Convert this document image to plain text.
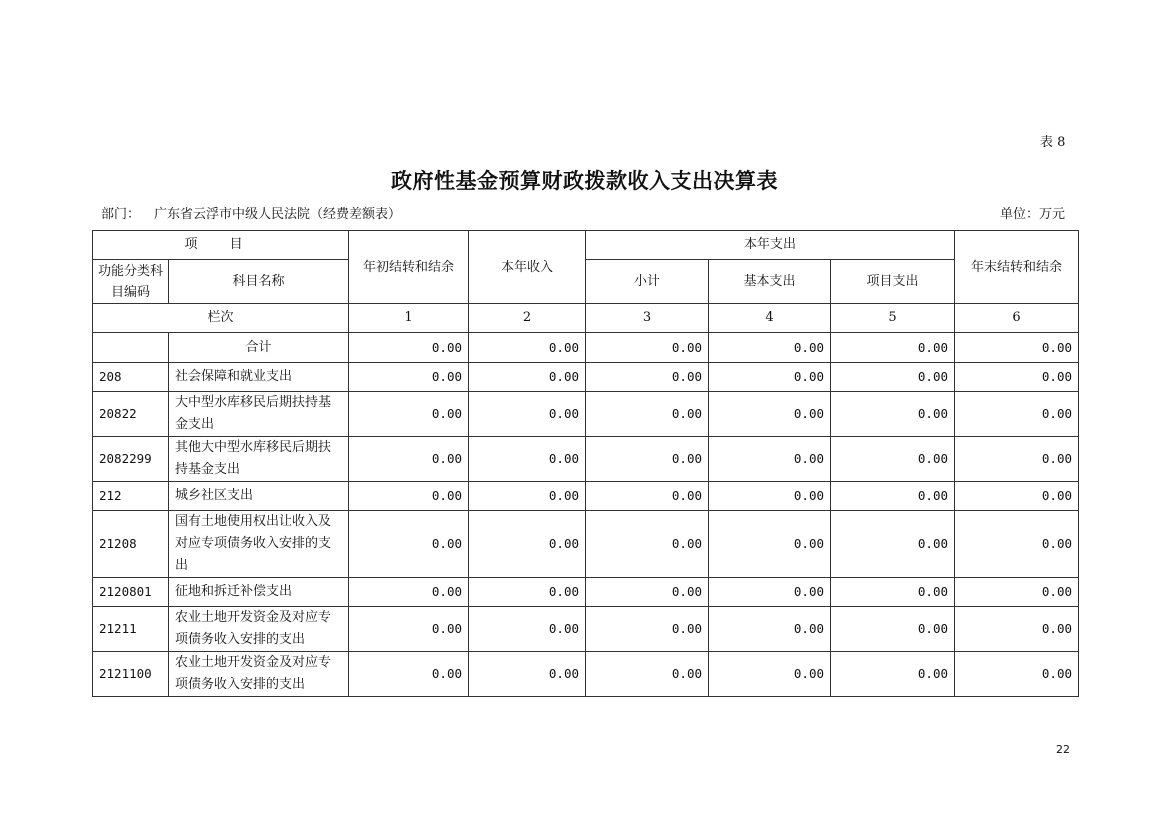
表 8
政府性基金预算财政拨款收入支出决算表
部门： 广东省云浮市中级人民法院（经费差额表）	单位：万元
项 目		年初结转和结余	本年收入	本年支出			年末结转和结余
功能分类科目编码	科目名称			小计	基本支出	项目支出	
栏次		1	2	3	4	5	6
	合计	0.00	0.00	0.00	0.00	0.00	0.00
208	社会保障和就业支出	0.00	0.00	0.00	0.00	0.00	0.00
20822	大中型水库移民后期扶持基金支出	0.00	0.00	0.00	0.00	0.00	0.00
2082299	其他大中型水库移民后期扶持基金支出	0.00	0.00	0.00	0.00	0.00	0.00
212	城乡社区支出	0.00	0.00	0.00	0.00	0.00	0.00
21208	国有土地使用权出让收入及对应专项债务收入安排的支出	0.00	0.00	0.00	0.00	0.00	0.00
2120801	征地和拆迁补偿支出	0.00	0.00	0.00	0.00	0.00	0.00
21211	农业土地开发资金及对应专项债务收入安排的支出	0.00	0.00	0.00	0.00	0.00	0.00
2121100	农业土地开发资金及对应专项债务收入安排的支出	0.00	0.00	0.00	0.00	0.00	0.00
22
